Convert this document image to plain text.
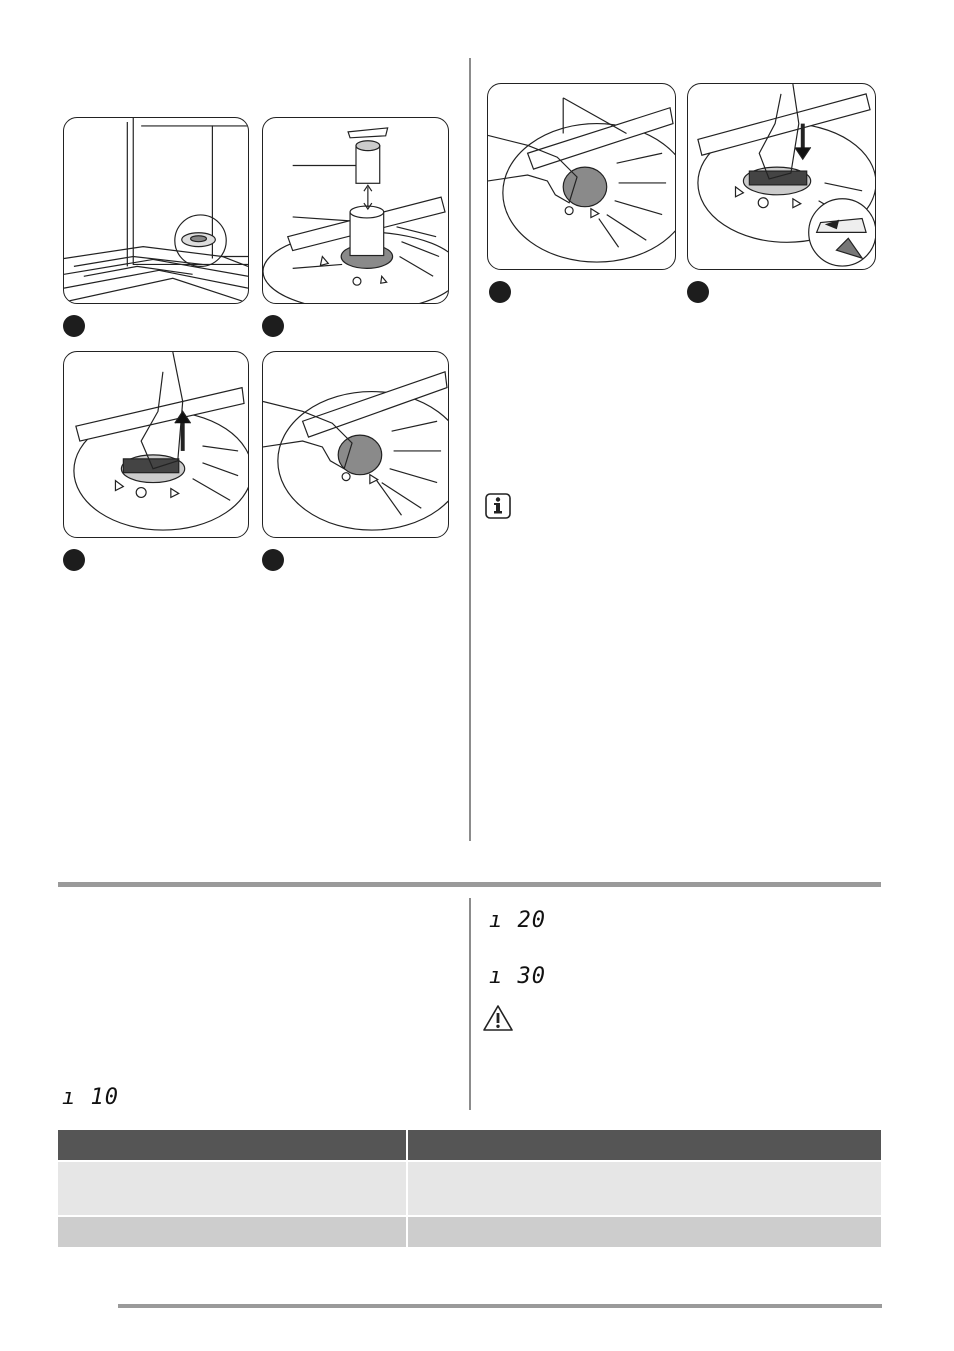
ı 10
ı 20
ı 30
